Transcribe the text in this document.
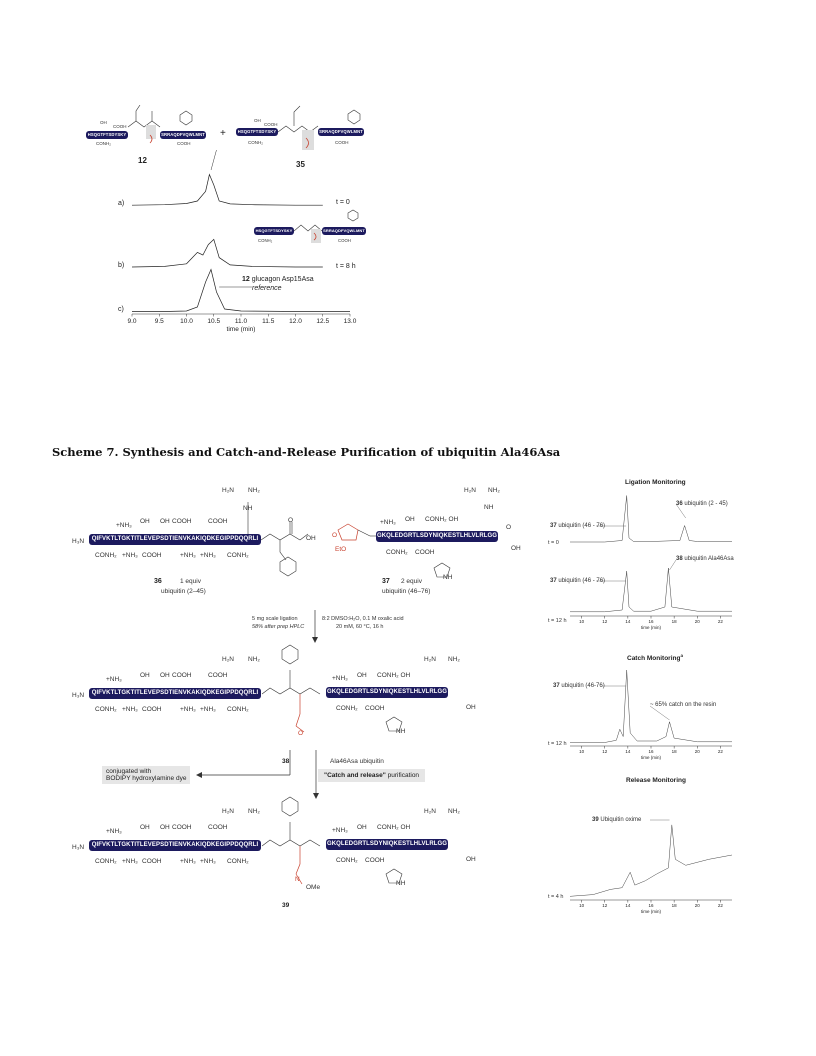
HSQGTFTSDYSKY	SRRAQDFVQWLMNT
OH
COOH
CONH₂	COOH
12
+	HSQGTFTSDYSKY	SRRAQDFVQWLMNT
OH
COOH
CONH₂	COOH
35
HSQGTFTSDYSKY	SRRAQDFVQWLMNT
CONH₂	COOH
9.0	9.5	10.0 10.5 11.0 11.5 12.0 12.5 13.0
time (min)
a)
b)
c)
t = 0
t = 8 h
12 glucagon Asp15Asa
reference
Scheme 7. Synthesis and Catch-and-Release Purification of ubiquitin Ala46Asa
H₃N	QIFVKTLTGKTITLEVEPSDTIENVKAKIQDKEGIPPDQQRLI
+NH₃
OH OH COOH	COOH
CONH₂ +NH₃ COOH	+NH₃ +NH₃ CONH₂
H₂N NH₂
NH
O
OH
EtO
O	GKQLEDGRTLSDYNIQKESTLHLVLRLGG
+NH₃ OH CONH₂ OH
CONH₂ COOH
H₂N NH₂
NH
O
OH
NH
36	1 equiv
ubiquitin (2–45)
37 2 equiv
ubiquitin (46–76)
5 mg scale ligation
58% after prep HPLC
8:2 DMSO:H₂O, 0.1 M oxalic acid
20 mM, 60 °C, 16 h
H₃N	QIFVKTLTGKTITLEVEPSDTIENVKAKIQDKEGIPPDQQRLI
+NH₃
OH OH COOH	COOH
CONH₂ +NH₃ COOH	+NH₃ +NH₃ CONH₂
H₂N NH₂
O
GKQLEDGRTLSDYNIQKESTLHLVLRLGG
+NH₃ OH CONH₂ OH
CONH₂ COOH
H₂N NH₂
OH
NH
38	Ala46Asa ubiquitin
conjugated with
BODIPY hydroxylamine dye	"Catch and release" purification
H₃N	QIFVKTLTGKTITLEVEPSDTIENVKAKIQDKEGIPPDQQRLI
+NH₃
OH OH COOH	COOH
CONH₂ +NH₃ COOH	+NH₃ +NH₃ CONH₂
H₂N NH₂
N
OMe
GKQLEDGRTLSDYNIQKESTLHLVLRLGG
+NH₃ OH CONH₂ OH
CONH₂ COOH
H₂N NH₂
OH
NH
39
Ligation Monitoring
10	12	14	16	18	20	22
time (min)
37 ubiquitin (46 - 76)
36 ubiquitin (2 - 45)
t = 0
37 ubiquitin (46 - 76)
38 ubiquitin Ala46Asa
t = 12 h
Catch Monitoring$^a$
37 ubiquitin (46-76)
~ 65% catch on the resin
10	12	14	16	18	20	22
time (min)
t = 12 h
Release Monitoring
39 Ubiquitin oxime
10	12	14	16	18	20	22
time (min)
t = 4 h
